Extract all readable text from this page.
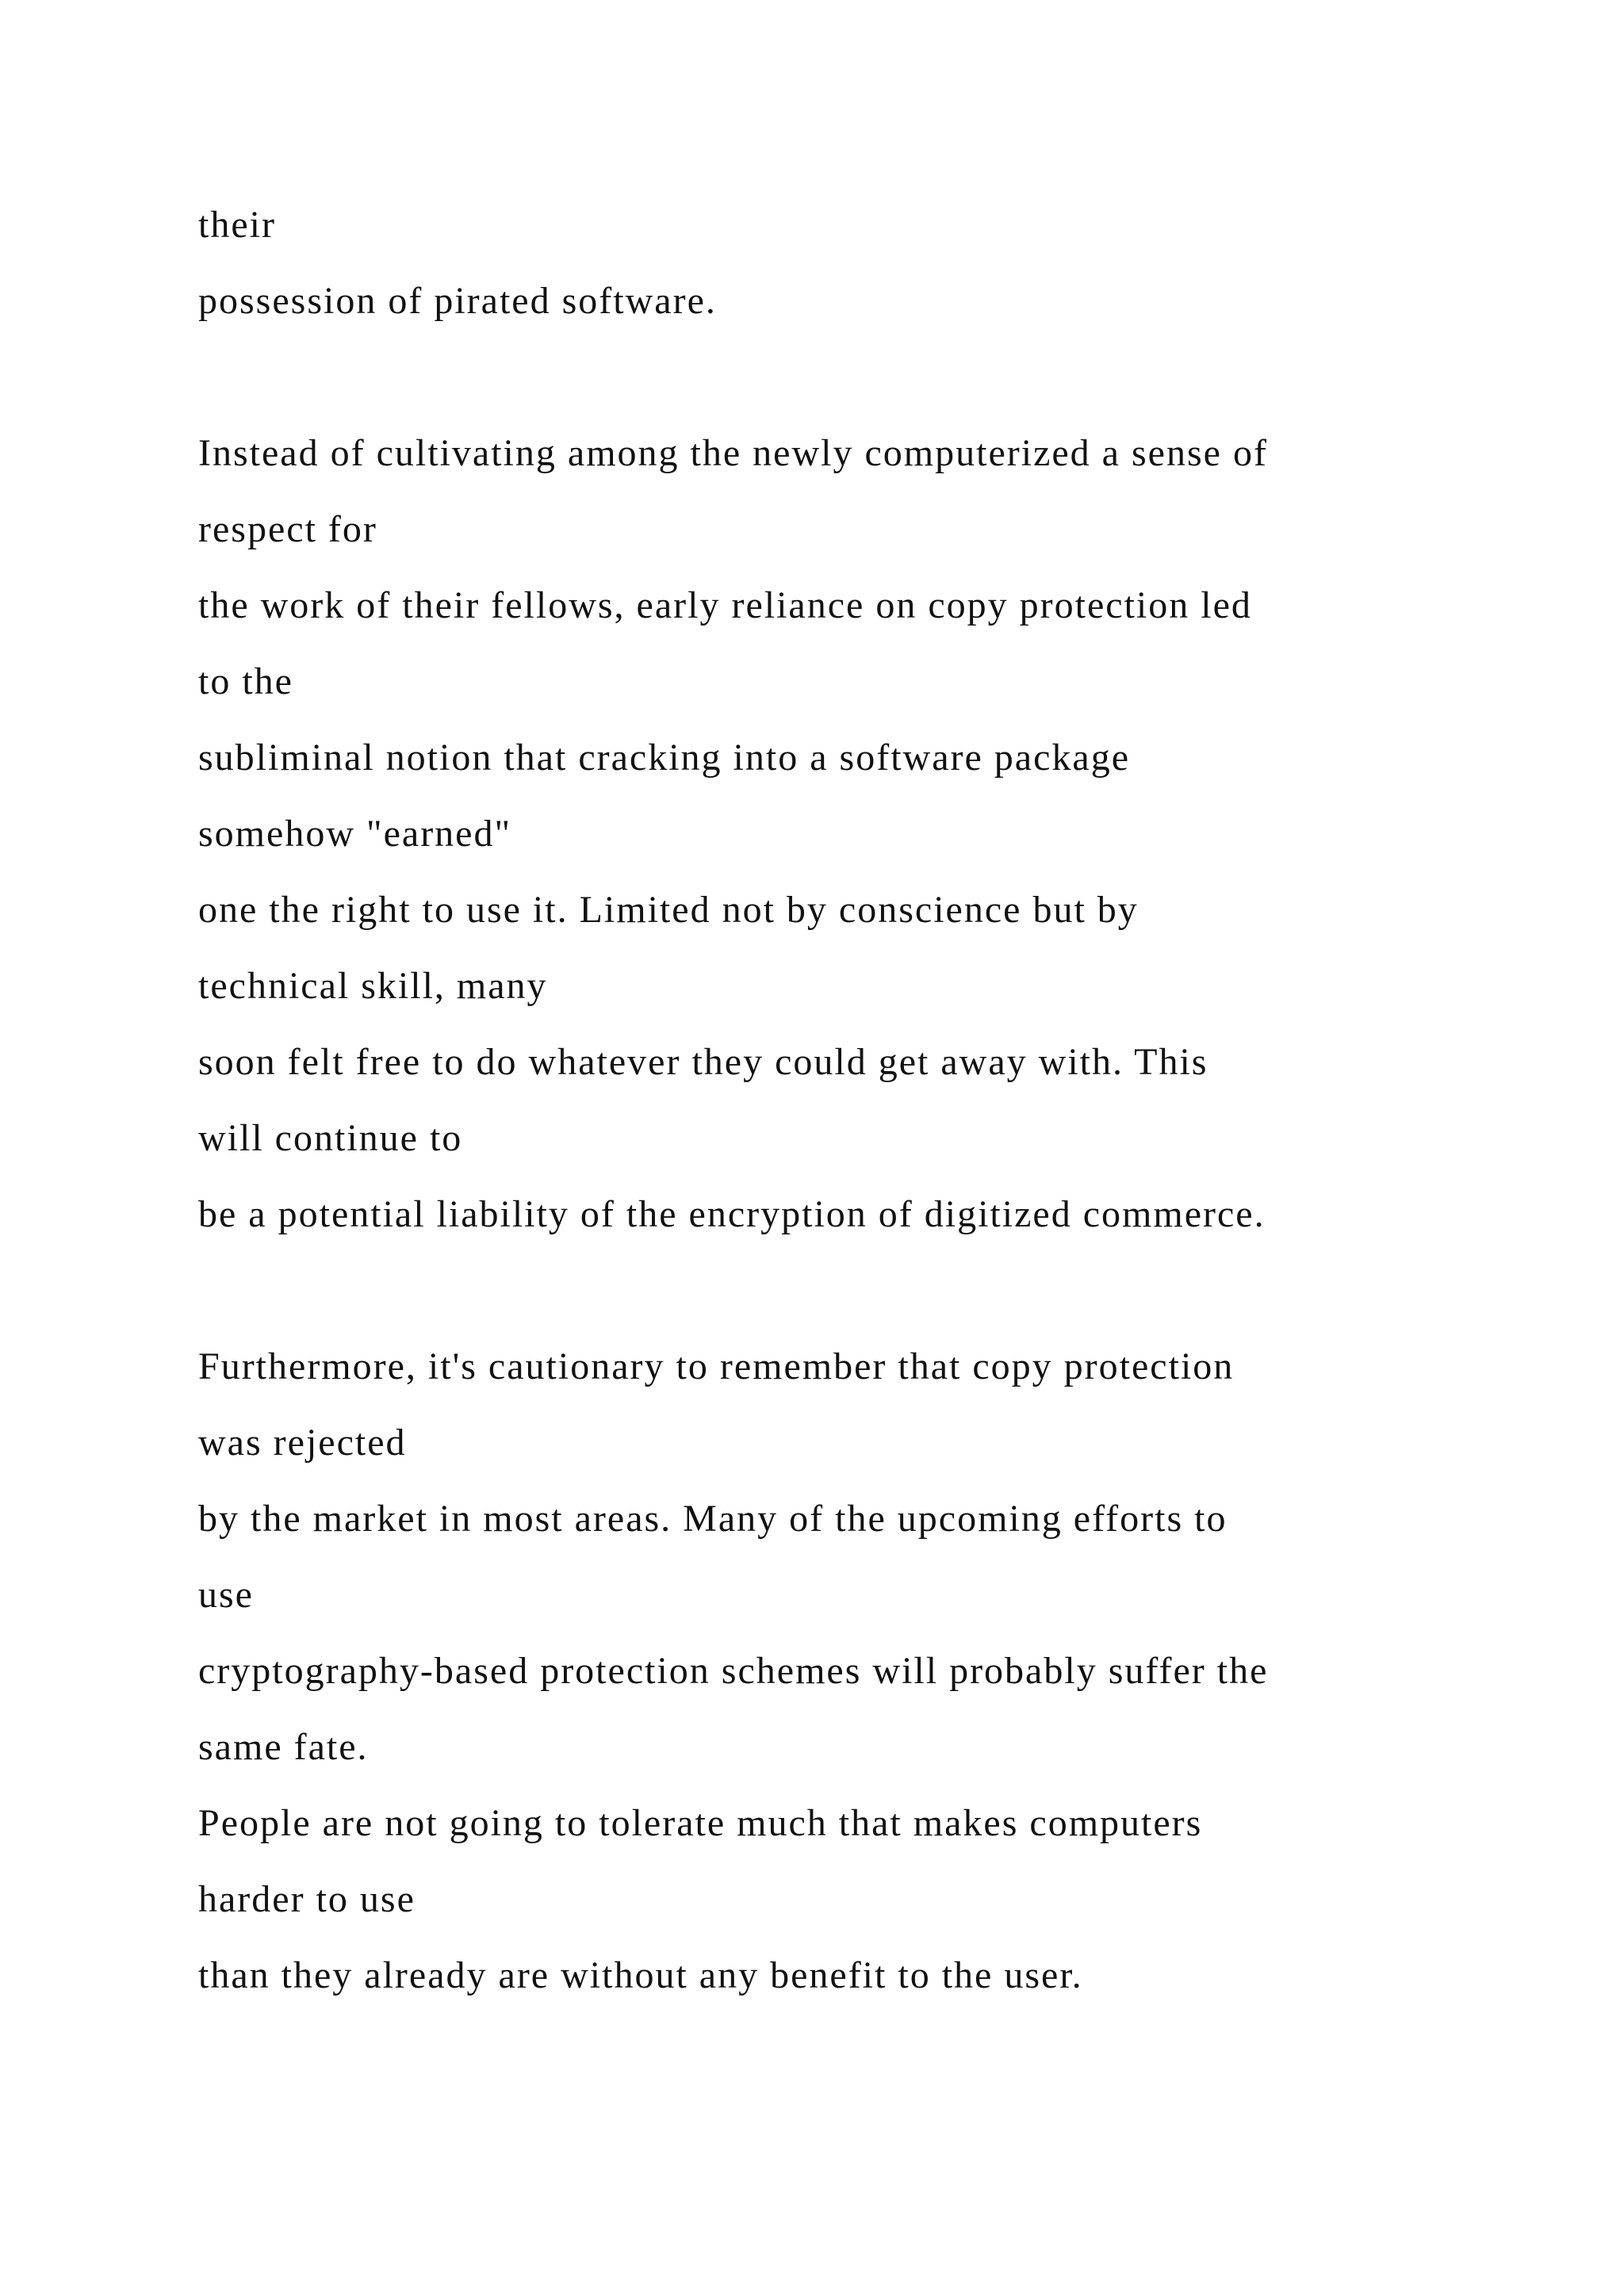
their
possession of pirated software.
Instead of cultivating among the newly computerized a sense of
respect for
the work of their fellows, early reliance on copy protection led
to the
subliminal notion that cracking into a software package
somehow "earned"
one the right to use it. Limited not by conscience but by
technical skill, many
soon felt free to do whatever they could get away with. This
will continue to
be a potential liability of the encryption of digitized commerce.
Furthermore, it's cautionary to remember that copy protection
was rejected
by the market in most areas. Many of the upcoming efforts to
use
cryptography-based protection schemes will probably suffer the
same fate.
People are not going to tolerate much that makes computers
harder to use
than they already are without any benefit to the user.
